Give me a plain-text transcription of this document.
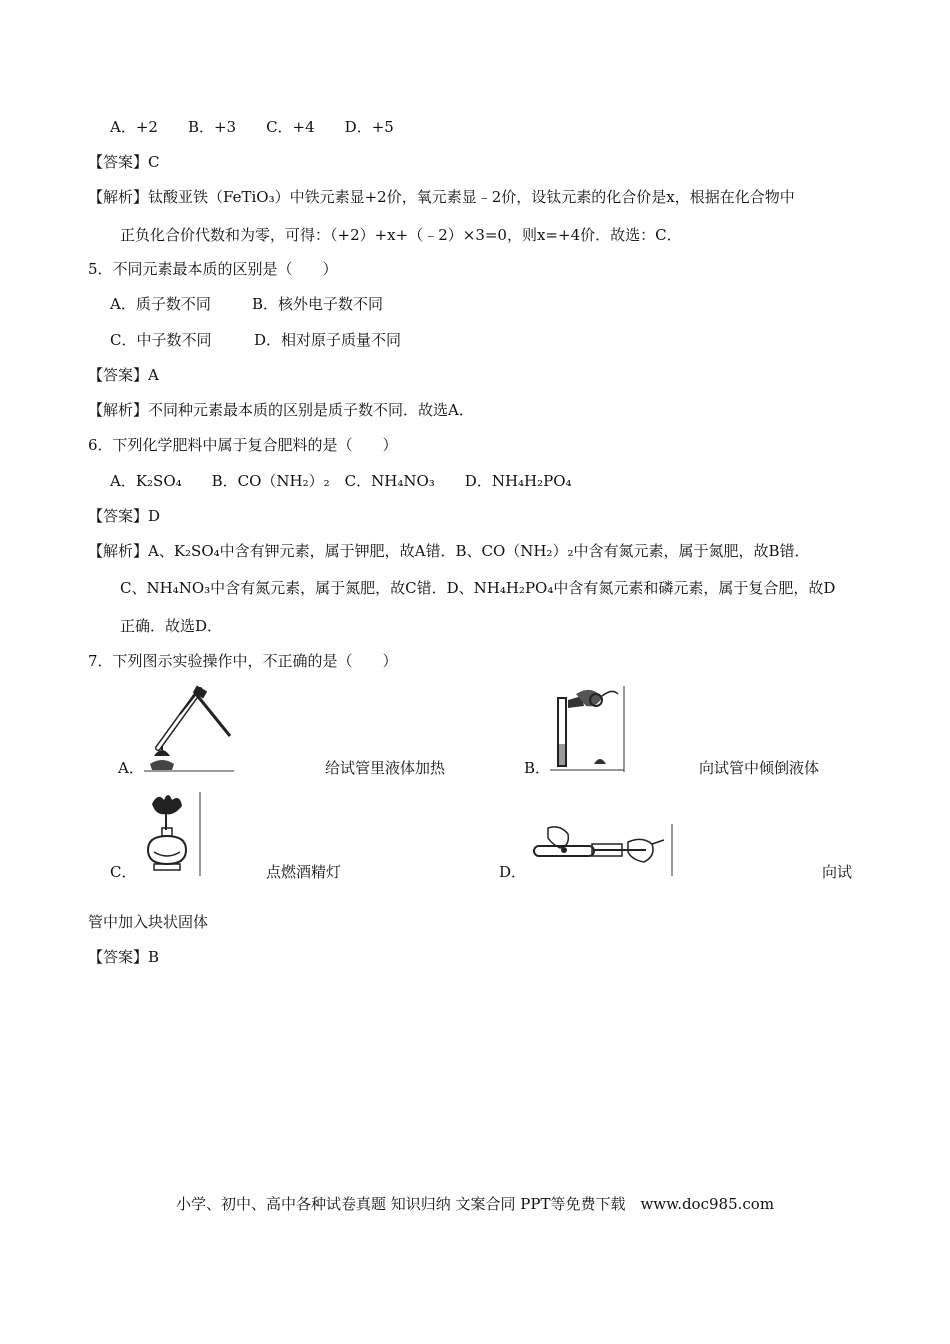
A．+2　　B．+3　　C．+4　　D．+5
【答案】C
【解析】钛酸亚铁（FeTiO₃）中铁元素显+2价，氧元素显﹣2价，设钛元素的化合价是x，根据在化合物中
正负化合价代数和为零，可得：（+2）+x+（﹣2）×3=0，则x=+4价．故选：C．
5．不同元素最本质的区别是（　　）
A．质子数不同	B．核外电子数不同
C．中子数不同	D．相对原子质量不同
【答案】A
【解析】不同种元素最本质的区别是质子数不同．故选A．
6．下列化学肥料中属于复合肥料的是（　　）
A．K₂SO₄　　B．CO（NH₂）₂　C．NH₄NO₃　　D．NH₄H₂PO₄
【答案】D
【解析】A、K₂SO₄中含有钾元素，属于钾肥，故A错．B、CO（NH₂）₂中含有氮元素，属于氮肥，故B错．
C、NH₄NO₃中含有氮元素，属于氮肥，故C错．D、NH₄H₂PO₄中含有氮元素和磷元素，属于复合肥，故D
正确．故选D．
7．下列图示实验操作中，不正确的是（　　）
A．	给试管里液体加热	B．	向试管中倾倒液体
C．	点燃酒精灯	D．	向试
管中加入块状固体
【答案】B
小学、初中、高中各种试卷真题 知识归纳 文案合同 PPT等免费下载　www.doc985.com
